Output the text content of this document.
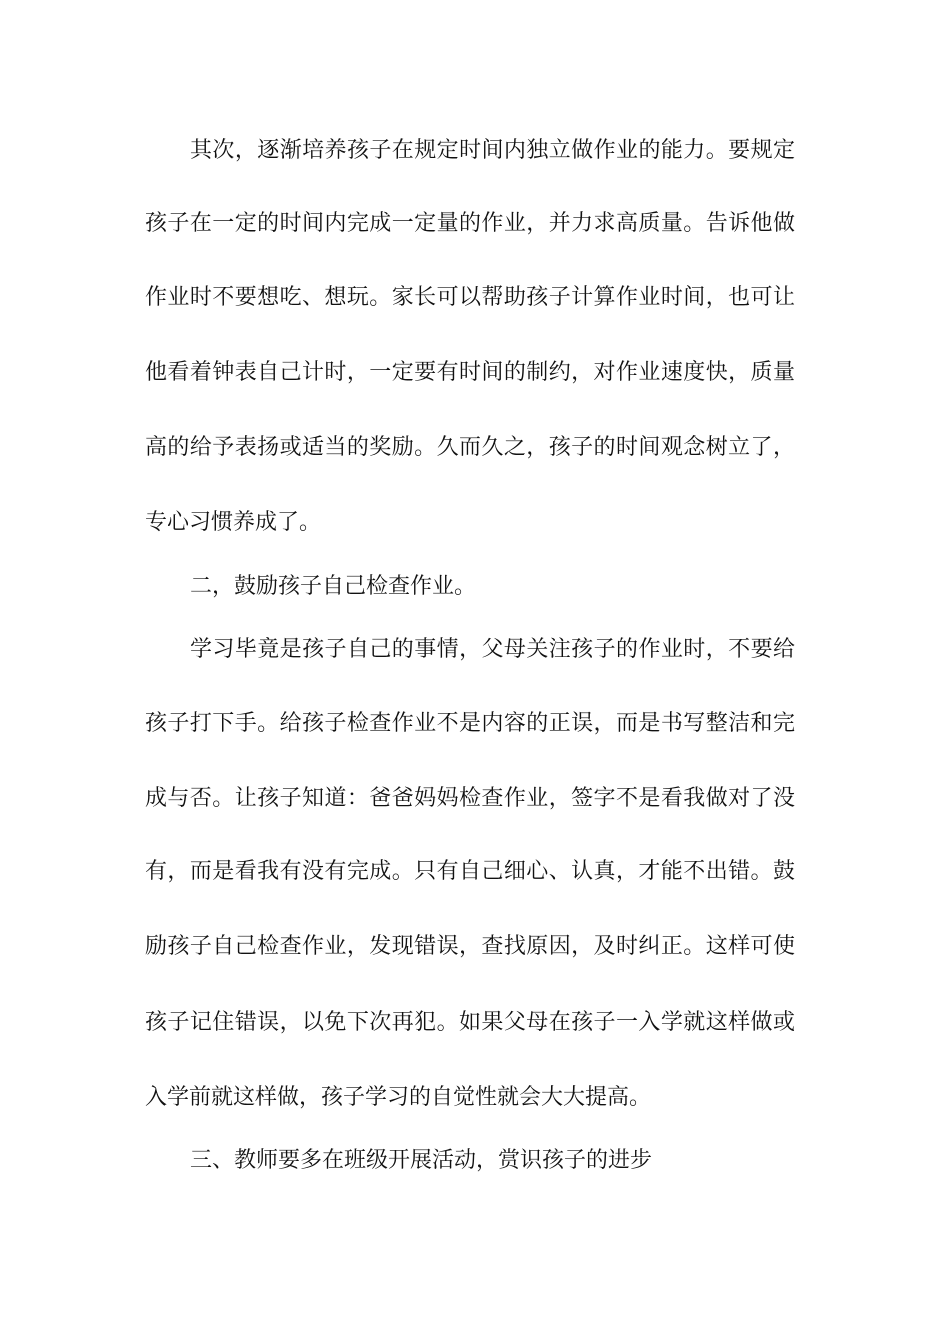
其次，逐渐培养孩子在规定时间内独立做作业的能力。要规定
孩子在一定的时间内完成一定量的作业，并力求高质量。告诉他做
作业时不要想吃、想玩。家长可以帮助孩子计算作业时间，也可让
他看着钟表自己计时，一定要有时间的制约，对作业速度快，质量
高的给予表扬或适当的奖励。久而久之，孩子的时间观念树立了，
专心习惯养成了。
二，鼓励孩子自己检查作业。
学习毕竟是孩子自己的事情，父母关注孩子的作业时，不要给
孩子打下手。给孩子检查作业不是内容的正误，而是书写整洁和完
成与否。让孩子知道：爸爸妈妈检查作业，签字不是看我做对了没
有，而是看我有没有完成。只有自己细心、认真，才能不出错。鼓
励孩子自己检查作业，发现错误，查找原因，及时纠正。这样可使
孩子记住错误，以免下次再犯。如果父母在孩子一入学就这样做或
入学前就这样做，孩子学习的自觉性就会大大提高。
三、教师要多在班级开展活动，赏识孩子的进步
